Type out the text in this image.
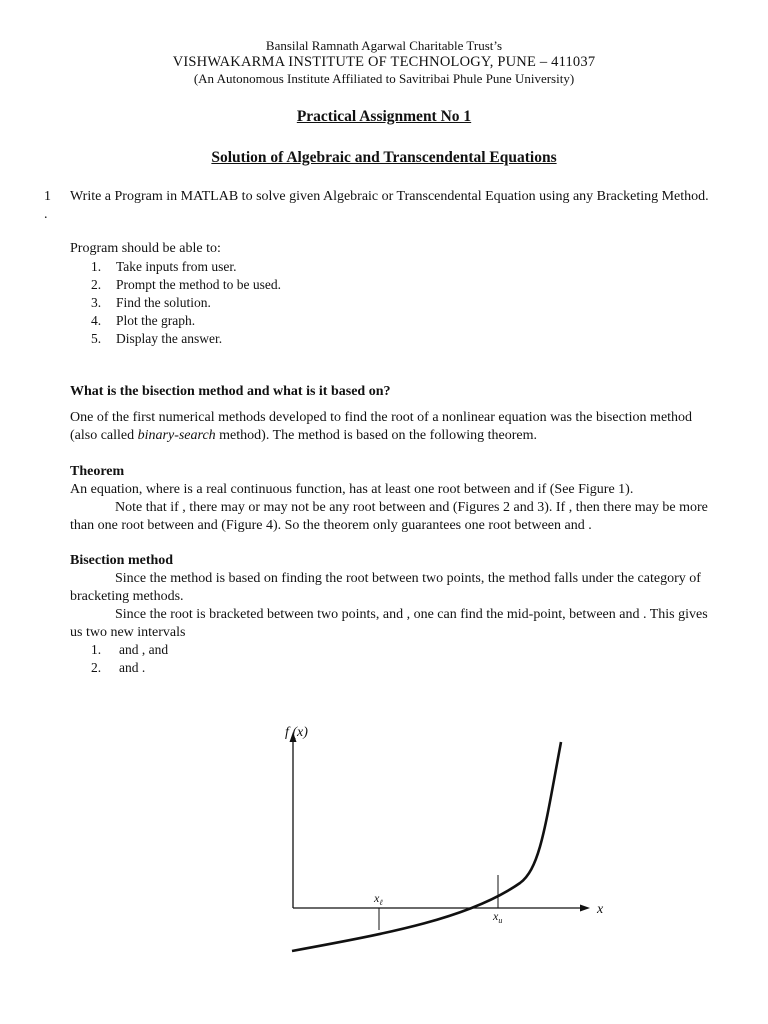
Bansilal Ramnath Agarwal Charitable Trust’s
VISHWAKARMA INSTITUTE OF TECHNOLOGY, PUNE – 411037
(An Autonomous Institute Affiliated to Savitribai Phule Pune University)
Practical Assignment No 1
Solution of Algebraic and Transcendental Equations
1
.
Write a Program in MATLAB to solve given Algebraic or Transcendental Equation using any Bracketing Method.
Program should be able to:
1.	Take inputs from user.
2.	Prompt the method to be used.
3.	Find the solution.
4.	Plot the graph.
5.	Display the answer.
What is the bisection method and what is it based on?
One of the first numerical methods developed to find the root of a nonlinear equation was the bisection method (also called binary-search method). The method is based on the following theorem.
Theorem
An equation, where is a real continuous function, has at least one root between and if (See Figure 1).
Note that if , there may or may not be any root between and (Figures 2 and 3). If , then there may be more than one root between and (Figure 4). So the theorem only guarantees one root between and .
Bisection method
Since the method is based on finding the root between two points, the method falls under the category of bracketing methods.
Since the root is bracketed between two points, and , one can find the mid-point, between and . This gives us two new intervals
1.	and , and
2.	and .
f (x)
x
$x_\ell$
$x_u$
